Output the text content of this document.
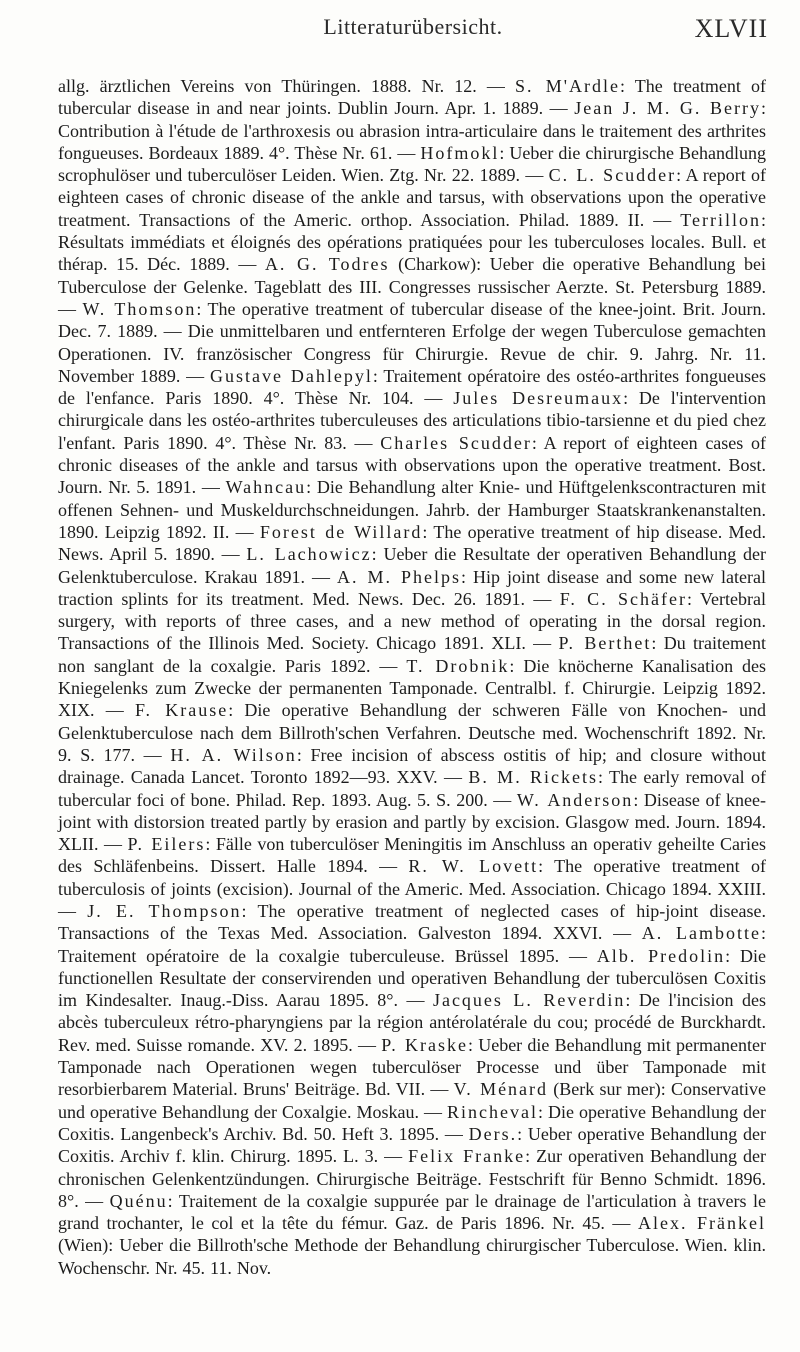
Litteraturübersicht.	XLVII

allg. ärztlichen Vereins von Thüringen. 1888. Nr. 12. — S. M'Ardle: The treatment of tubercular disease in and near joints. Dublin Journ. Apr. 1. 1889. — Jean J. M. G. Berry: Contribution à l'étude de l'arthroxesis ou abrasion intra-articulaire dans le traitement des arthrites fongueuses. Bordeaux 1889. 4°. Thèse Nr. 61. — Hofmokl: Ueber die chirurgische Behandlung scrophulöser und tuberculöser Leiden. Wien. Ztg. Nr. 22. 1889. — C. L. Scudder: A report of eighteen cases of chronic disease of the ankle and tarsus, with observations upon the operative treatment. Transactions of the Americ. orthop. Association. Philad. 1889. II. — Terrillon: Résultats immédiats et éloignés des opérations pratiquées pour les tuberculoses locales. Bull. et thérap. 15. Déc. 1889. — A. G. Todres (Charkow): Ueber die operative Behandlung bei Tuberculose der Gelenke. Tageblatt des III. Congresses russischer Aerzte. St. Petersburg 1889. — W. Thomson: The operative treatment of tubercular disease of the knee-joint. Brit. Journ. Dec. 7. 1889. — Die unmittelbaren und entfernteren Erfolge der wegen Tuberculose gemachten Operationen. IV. französischer Congress für Chirurgie. Revue de chir. 9. Jahrg. Nr. 11. November 1889. — Gustave Dahlepyl: Traitement opératoire des ostéo-arthrites fongueuses de l'enfance. Paris 1890. 4°. Thèse Nr. 104. — Jules Desreumaux: De l'intervention chirurgicale dans les ostéo-arthrites tuberculeuses des articulations tibio-tarsienne et du pied chez l'enfant. Paris 1890. 4°. Thèse Nr. 83. — Charles Scudder: A report of eighteen cases of chronic diseases of the ankle and tarsus with observations upon the operative treatment. Bost. Journ. Nr. 5. 1891. — Wahncau: Die Behandlung alter Knie- und Hüftgelenkscontracturen mit offenen Sehnen- und Muskeldurchschneidungen. Jahrb. der Hamburger Staatskrankenanstalten. 1890. Leipzig 1892. II. — Forest de Willard: The operative treatment of hip disease. Med. News. April 5. 1890. — L. Lachowicz: Ueber die Resultate der operativen Behandlung der Gelenktuberculose. Krakau 1891. — A. M. Phelps: Hip joint disease and some new lateral traction splints for its treatment. Med. News. Dec. 26. 1891. — F. C. Schäfer: Vertebral surgery, with reports of three cases, and a new method of operating in the dorsal region. Transactions of the Illinois Med. Society. Chicago 1891. XLI. — P. Berthet: Du traitement non sanglant de la coxalgie. Paris 1892. — T. Drobnik: Die knöcherne Kanalisation des Kniegelenks zum Zwecke der permanenten Tamponade. Centralbl. f. Chirurgie. Leipzig 1892. XIX. — F. Krause: Die operative Behandlung der schweren Fälle von Knochen- und Gelenktuberculose nach dem Billroth'schen Verfahren. Deutsche med. Wochenschrift 1892. Nr. 9. S. 177. — H. A. Wilson: Free incision of abscess ostitis of hip; and closure without drainage. Canada Lancet. Toronto 1892—93. XXV. — B. M. Rickets: The early removal of tubercular foci of bone. Philad. Rep. 1893. Aug. 5. S. 200. — W. Anderson: Disease of knee-joint with distorsion treated partly by erasion and partly by excision. Glasgow med. Journ. 1894. XLII. — P. Eilers: Fälle von tuberculöser Meningitis im Anschluss an operativ geheilte Caries des Schläfenbeins. Dissert. Halle 1894. — R. W. Lovett: The operative treatment of tuberculosis of joints (excision). Journal of the Americ. Med. Association. Chicago 1894. XXIII. — J. E. Thompson: The operative treatment of neglected cases of hip-joint disease. Transactions of the Texas Med. Association. Galveston 1894. XXVI. — A. Lambotte: Traitement opératoire de la coxalgie tuberculeuse. Brüssel 1895. — Alb. Predolin: Die functionellen Resultate der conservirenden und operativen Behandlung der tuberculösen Coxitis im Kindesalter. Inaug.-Diss. Aarau 1895. 8°. — Jacques L. Reverdin: De l'incision des abcès tuberculeux rétro-pharyngiens par la région antérolatérale du cou; procédé de Burckhardt. Rev. med. Suisse romande. XV. 2. 1895. — P. Kraske: Ueber die Behandlung mit permanenter Tamponade nach Operationen wegen tuberculöser Processe und über Tamponade mit resorbierbarem Material. Bruns' Beiträge. Bd. VII. — V. Ménard (Berk sur mer): Conservative und operative Behandlung der Coxalgie. Moskau. — Rincheval: Die operative Behandlung der Coxitis. Langenbeck's Archiv. Bd. 50. Heft 3. 1895. — Ders.: Ueber operative Behandlung der Coxitis. Archiv f. klin. Chirurg. 1895. L. 3. — Felix Franke: Zur operativen Behandlung der chronischen Gelenkentzündungen. Chirurgische Beiträge. Festschrift für Benno Schmidt. 1896. 8°. — Quénu: Traitement de la coxalgie suppurée par le drainage de l'articulation à travers le grand trochanter, le col et la tête du fémur. Gaz. de Paris 1896. Nr. 45. — Alex. Fränkel (Wien): Ueber die Billroth'sche Methode der Behandlung chirurgischer Tuberculose. Wien. klin. Wochenschr. Nr. 45. 11. Nov.
